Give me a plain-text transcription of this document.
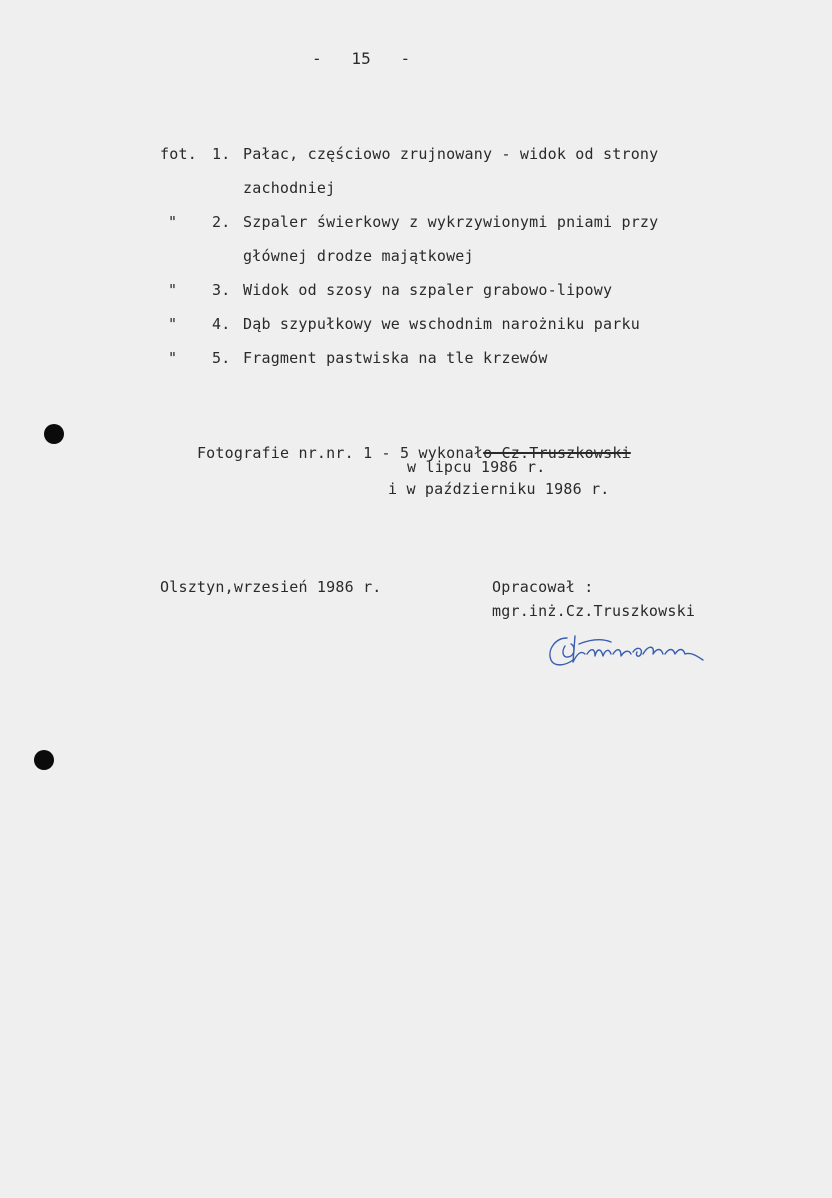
-   15   -
fot. 1. Pałac, częściowo zrujnowany - widok od strony
zachodniej
"	2. Szpaler świerkowy z wykrzywionymi pniami przy
głównej drodze majątkowej
"	3. Widok od szosy na szpaler grabowo-lipowy
"	4. Dąb szypułkowy we wschodnim narożniku parku
"	5. Fragment pastwiska na tle krzewów

Fotografie nr.nr. 1 - 5 wykonało Cz.Truszkowski

w lipcu 1986 r.
i w październiku 1986 r.
Olsztyn,wrzesień 1986 r.	Opracował :
mgr.inż.Cz.Truszkowski
